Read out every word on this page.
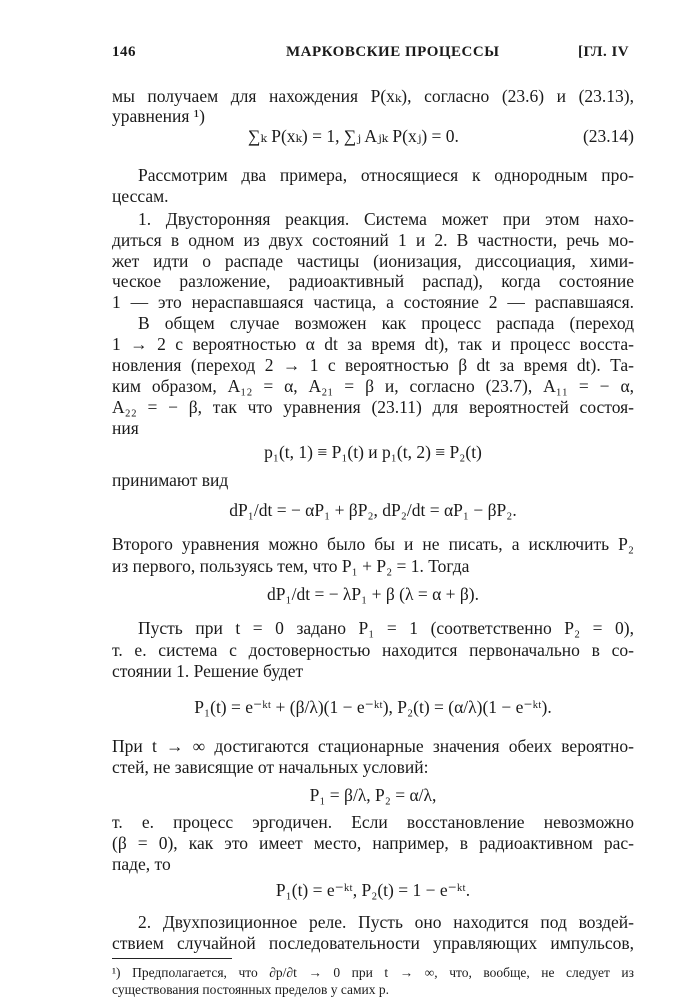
146	МАРКОВСКИЕ ПРОЦЕССЫ	[ГЛ. IV
мы получаем для нахождения P(xₖ), согласно (23.6) и (23.13),
уравнения ¹)
∑ₖ P(xₖ) = 1, ∑ⱼ Aⱼₖ P(xⱼ) = 0.	(23.14)
Рассмотрим два примера, относящиеся к однородным про-
цессам.
1. Двусторонняя реакция. Система может при этом нахо-
диться в одном из двух состояний 1 и 2. В частности, речь мо-
жет идти о распаде частицы (ионизация, диссоциация, хими-
ческое разложение, радиоактивный распад), когда состояние
1 — это нераспавшаяся частица, а состояние 2 — распавшаяся.
В общем случае возможен как процесс распада (переход
1 → 2 с вероятностью α dt за время dt), так и процесс восста-
новления (переход 2 → 1 с вероятностью β dt за время dt). Та-
ким образом, A₁₂ = α, A₂₁ = β и, согласно (23.7), A₁₁ = − α,
A₂₂ = − β, так что уравнения (23.11) для вероятностей состоя-
ния
p₁(t, 1) ≡ P₁(t) и p₁(t, 2) ≡ P₂(t)
принимают вид
dP₁/dt = − αP₁ + βP₂, dP₂/dt = αP₁ − βP₂.
Второго уравнения можно было бы и не писать, а исключить P₂
из первого, пользуясь тем, что P₁ + P₂ = 1. Тогда
dP₁/dt = − λP₁ + β (λ = α + β).
Пусть при t = 0 задано P₁ = 1 (соответственно P₂ = 0),
т. е. система с достоверностью находится первоначально в со-
стоянии 1. Решение будет
P₁(t) = e⁻ᵏᵗ + (β/λ)(1 − e⁻ᵏᵗ), P₂(t) = (α/λ)(1 − e⁻ᵏᵗ).
При t → ∞ достигаются стационарные значения обеих вероятно-
стей, не зависящие от начальных условий:
P₁ = β/λ, P₂ = α/λ,
т. е. процесс эргодичен. Если восстановление невозможно
(β = 0), как это имеет место, например, в радиоактивном рас-
паде, то
P₁(t) = e⁻ᵏᵗ, P₂(t) = 1 − e⁻ᵏᵗ.
2. Двухпозиционное реле. Пусть оно находится под воздей-
ствием случайной последовательности управляющих импульсов,
¹) Предполагается, что ∂p/∂t → 0 при t → ∞, что, вообще, не следует из
существования постоянных пределов у самих p.
